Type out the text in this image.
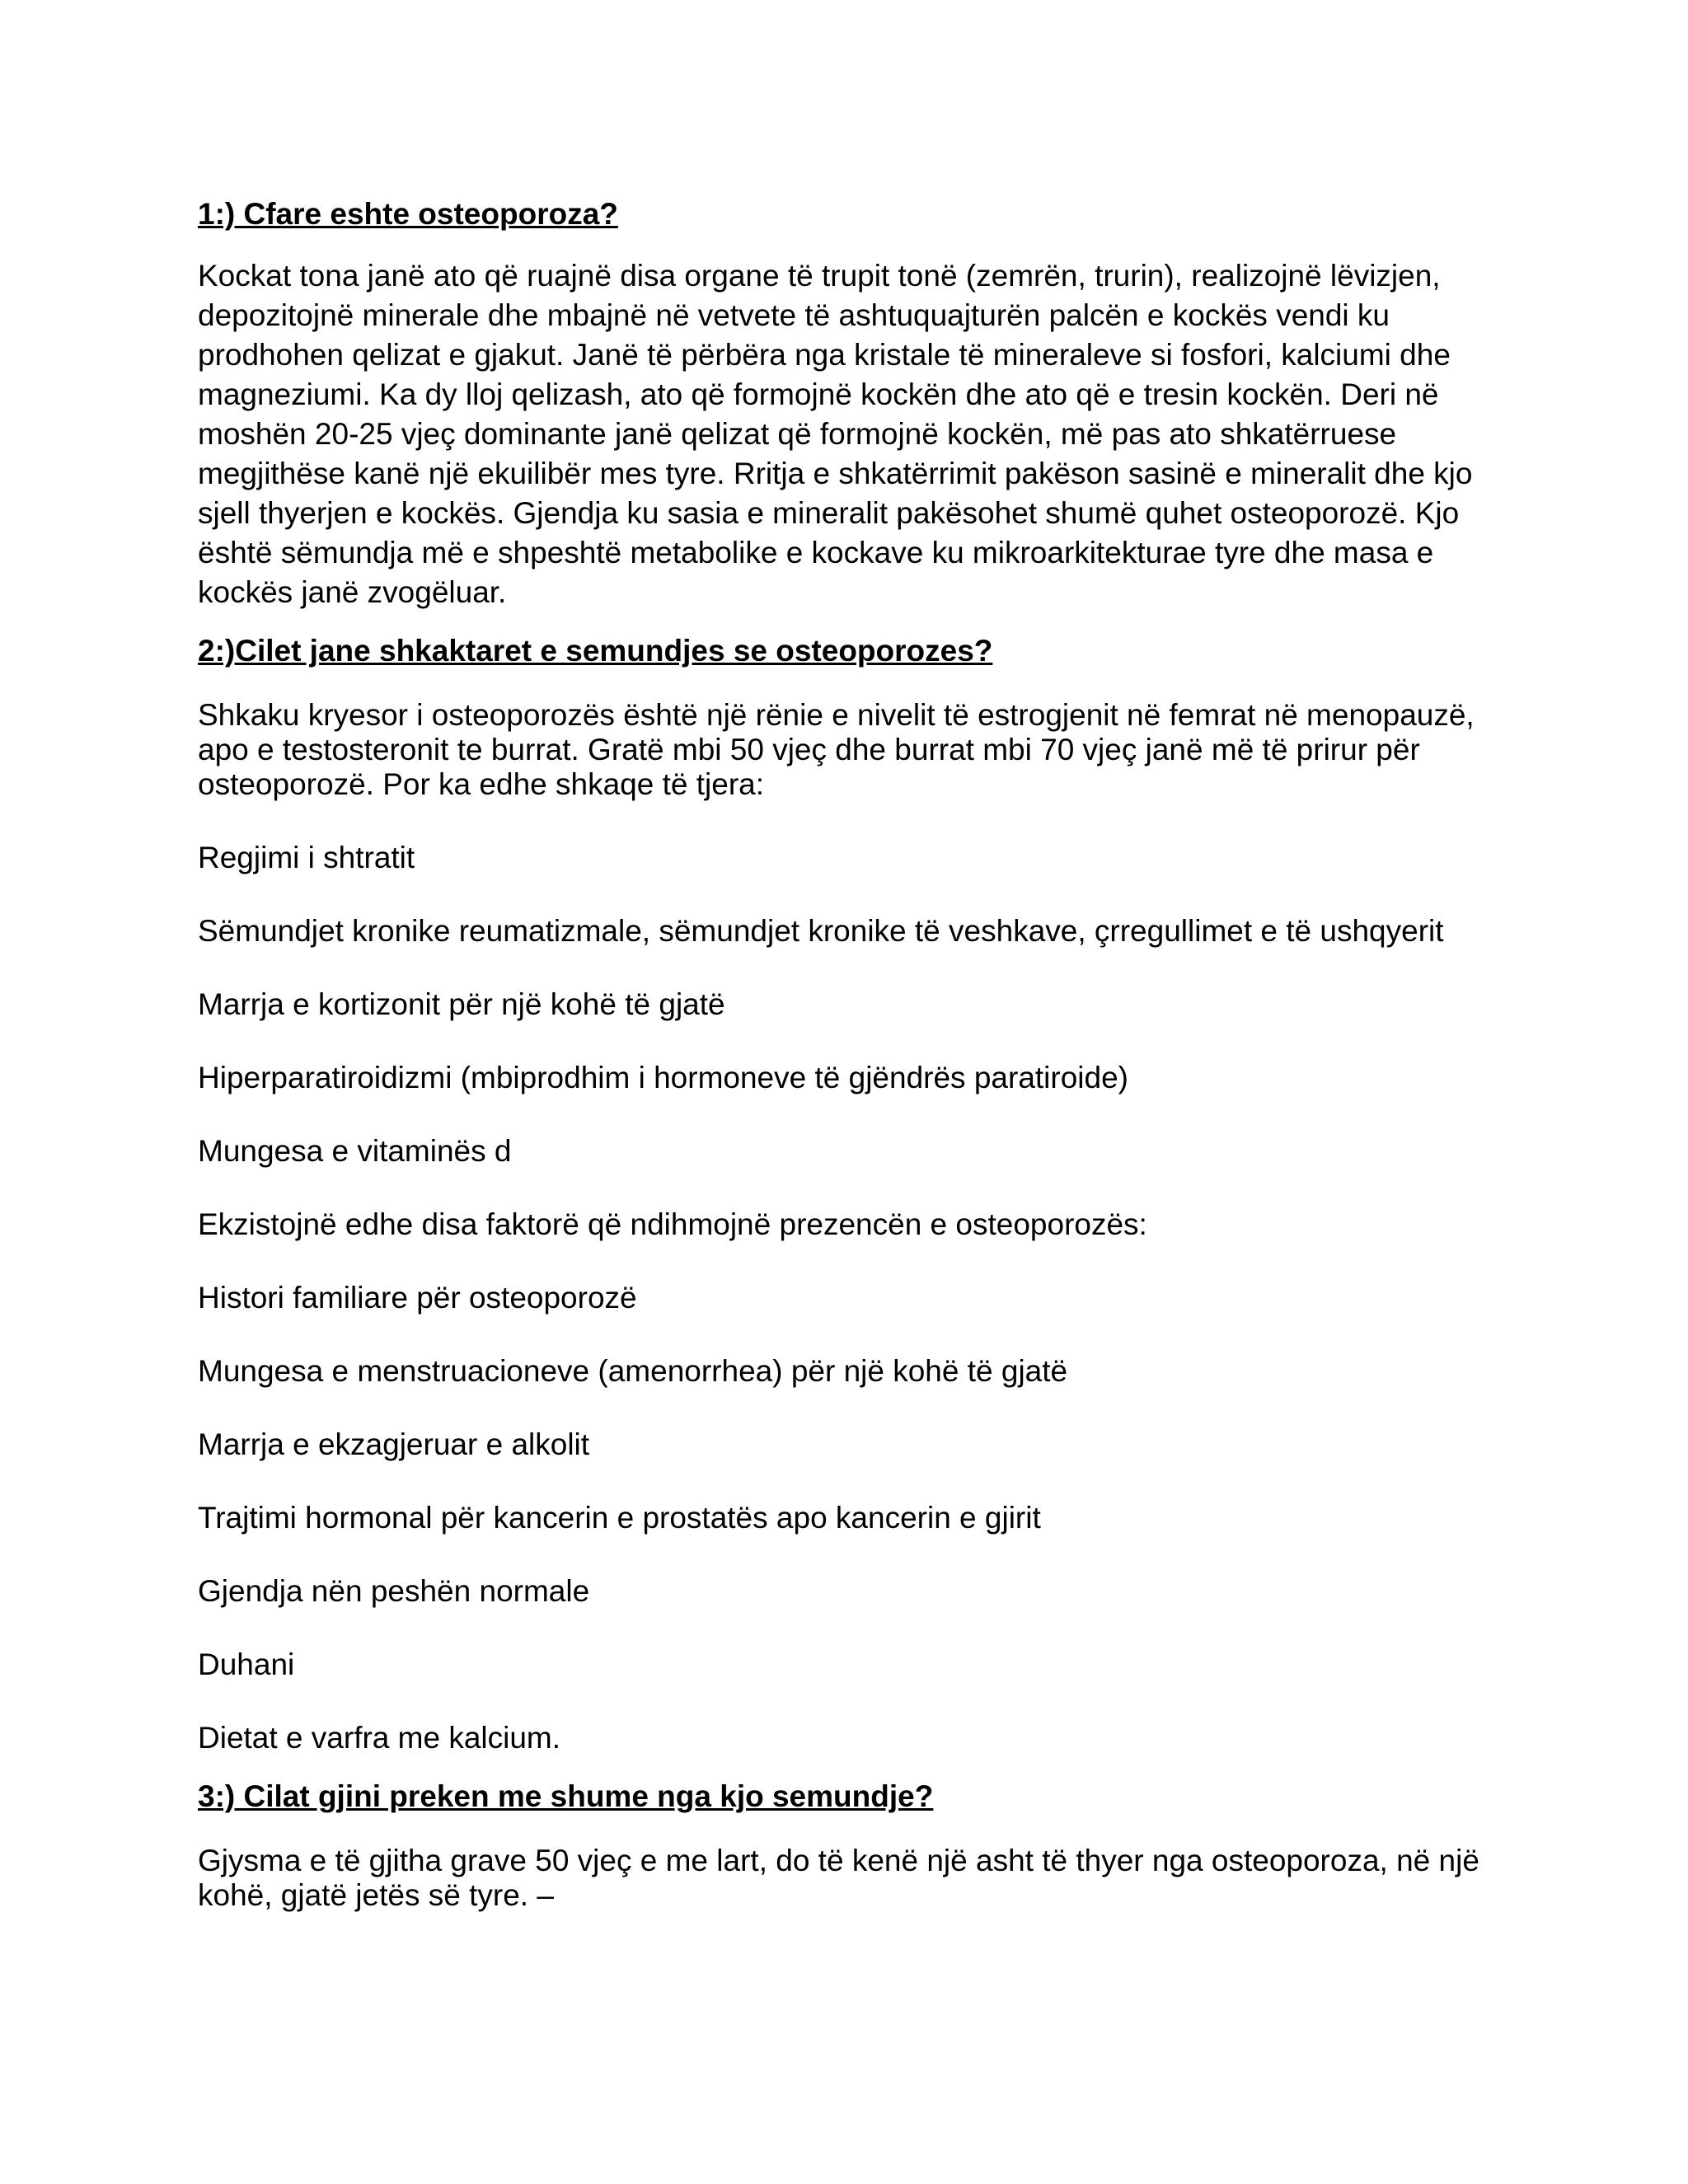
1:) Cfare eshte osteoporoza?

Kockat tona janë ato që ruajnë disa organe të trupit tonë (zemrën, trurin), realizojnë lëvizjen, depozitojnë minerale dhe mbajnë në vetvete të ashtuquajturën palcën e kockës vendi ku prodhohen qelizat e gjakut. Janë të përbëra nga kristale të mineraleve si fosfori, kalciumi dhe magneziumi. Ka dy lloj qelizash, ato që formojnë kockën dhe ato që e tresin kockën. Deri në moshën 20-25 vjeç dominante janë qelizat që formojnë kockën, më pas ato shkatërruese megjithëse kanë një ekuilibër mes tyre. Rritja e shkatërrimit pakëson sasinë e mineralit dhe kjo sjell thyerjen e kockës. Gjendja ku sasia e mineralit pakësohet shumë quhet osteoporozë. Kjo është sëmundja më e shpeshtë metabolike e kockave ku mikroarkitekturae tyre dhe masa e kockës janë zvogëluar.

2:)Cilet jane shkaktaret e semundjes se osteoporozes?

Shkaku kryesor i osteoporozës është një rënie e nivelit të estrogjenit në femrat në menopauzë, apo e testosteronit te burrat. Gratë mbi 50 vjeç dhe burrat mbi 70 vjeç janë më të prirur për osteoporozë. Por ka edhe shkaqe të tjera:

Regjimi i shtratit

Sëmundjet kronike reumatizmale, sëmundjet kronike të veshkave, çrregullimet e të ushqyerit

Marrja e kortizonit për një kohë të gjatë

Hiperparatiroidizmi (mbiprodhim i hormoneve të gjëndrës paratiroide)

Mungesa e vitaminës d

Ekzistojnë edhe disa faktorë që ndihmojnë prezencën e osteoporozës:

Histori familiare për osteoporozë

Mungesa e menstruacioneve (amenorrhea) për një kohë të gjatë

Marrja e ekzagjeruar e alkolit

Trajtimi hormonal për kancerin e prostatës apo kancerin e gjirit

Gjendja nën peshën normale

Duhani

Dietat e varfra me kalcium.

3:) Cilat gjini preken me shume nga kjo semundje?

Gjysma e të gjitha grave 50 vjeç e me lart, do të kenë një asht të thyer nga osteoporoza, në një kohë, gjatë jetës së tyre. –
